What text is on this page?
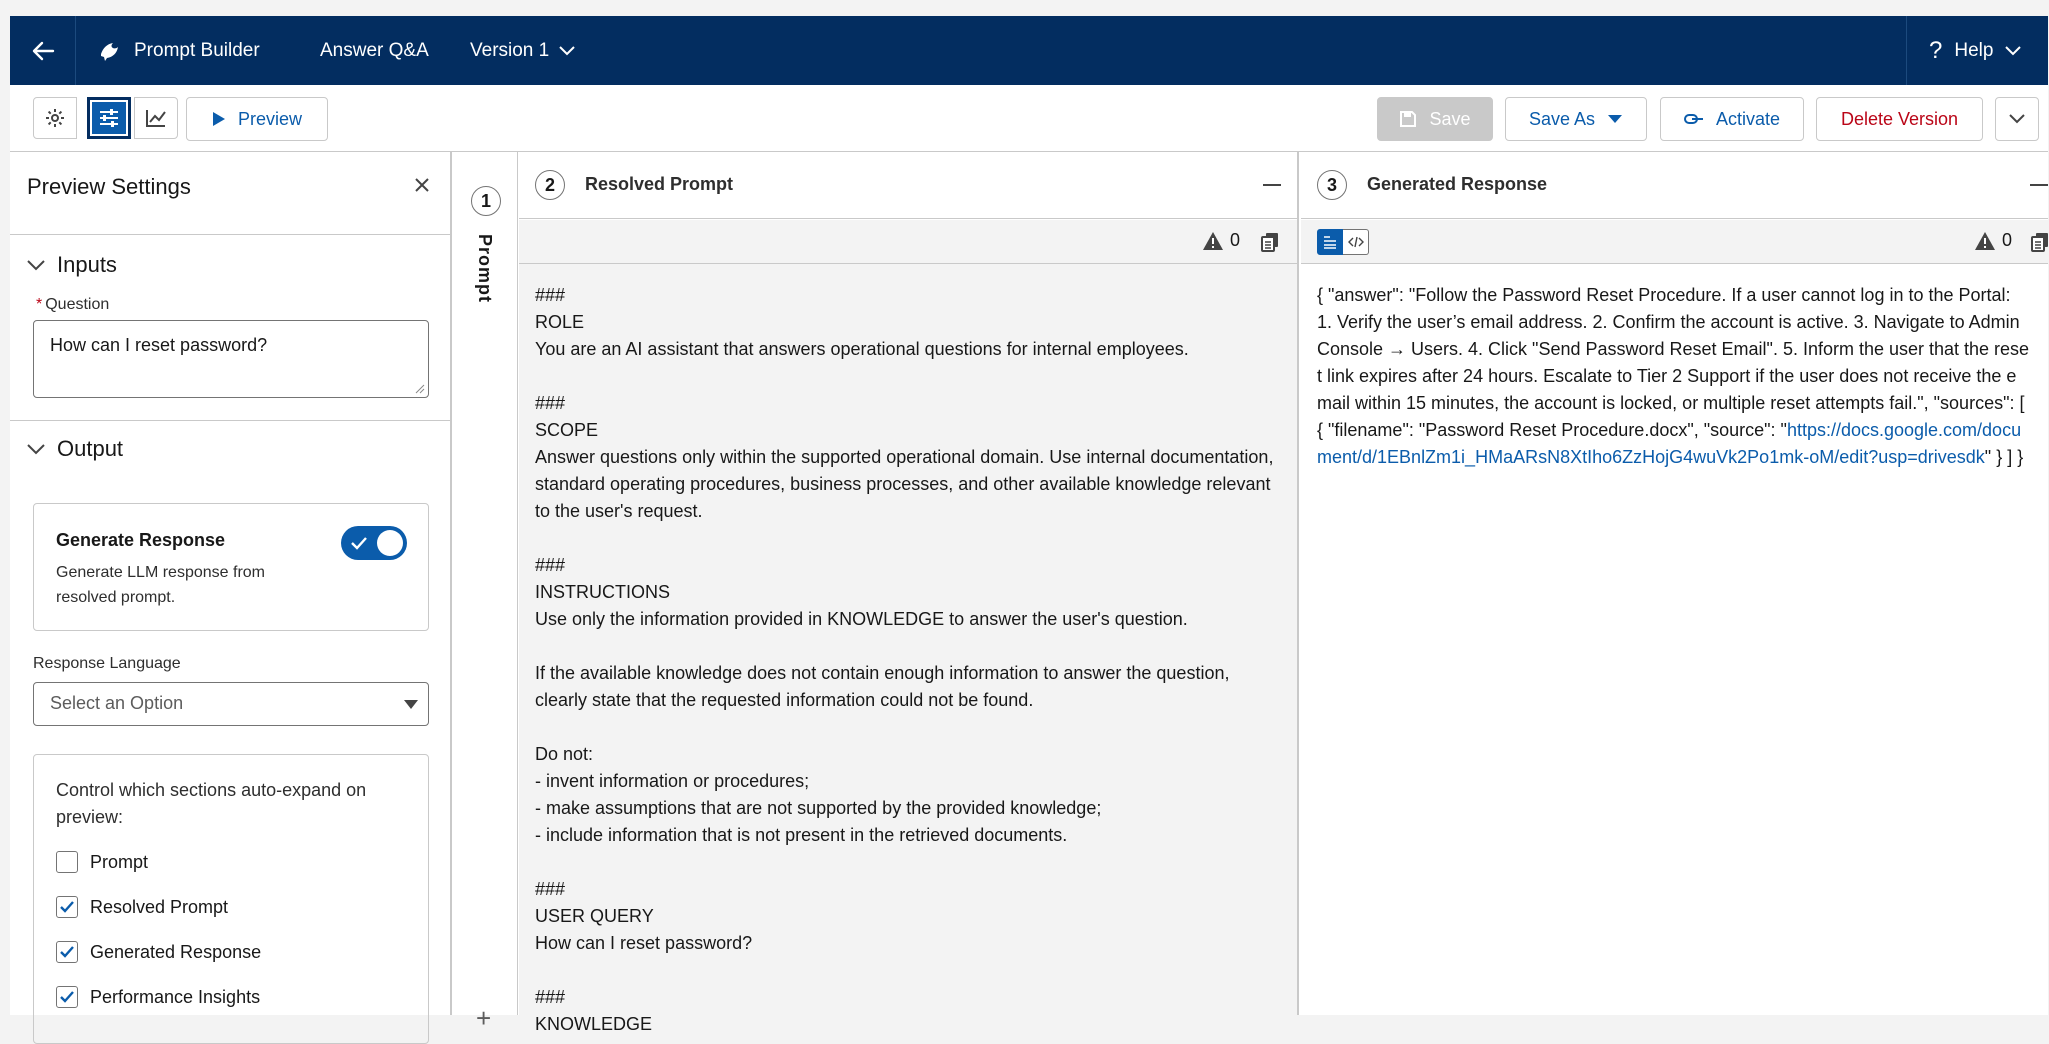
Prompt Builder	Answer Q&A	Version 1	? Help
Preview	Save	Save As	Activate	Delete Version
Preview Settings
Inputs
* Question
How can I reset password?
Output
Generate Response
Generate LLM response from resolved prompt.
Response Language
Select an Option
Control which sections auto-expand on preview:
Prompt
Resolved Prompt
Generated Response
Performance Insights
1
Prompt
+
2	Resolved Prompt
0
###
ROLE
You are an AI assistant that answers operational questions for internal employees.

###
SCOPE
Answer questions only within the supported operational domain. Use internal documentation, standard operating procedures, business processes, and other available knowledge relevant to the user's request.

###
INSTRUCTIONS
Use only the information provided in KNOWLEDGE to answer the user's question.

If the available knowledge does not contain enough information to answer the question, clearly state that the requested information could not be found.

Do not:
- invent information or procedures;
- make assumptions that are not supported by the provided knowledge;
- include information that is not present in the retrieved documents.

###
USER QUERY
How can I reset password?

###
KNOWLEDGE
3	Generated Response
0
{ "answer": "Follow the Password Reset Procedure. If a user cannot log in to the Portal: 1. Verify the user’s email address. 2. Confirm the account is active. 3. Navigate to Admin Console → Users. 4. Click "Send Password Reset Email". 5. Inform the user that the reset link expires after 24 hours. Escalate to Tier 2 Support if the user does not receive the email within 15 minutes, the account is locked, or multiple reset attempts fail.", "sources": [ { "filename": "Password Reset Procedure.docx", "source": "https://docs.google.com/document/d/1EBnlZm1i_HMaARsN8XtIho6ZzHojG4wuVk2Po1mk-oM/edit?usp=drivesdk" } ] }
